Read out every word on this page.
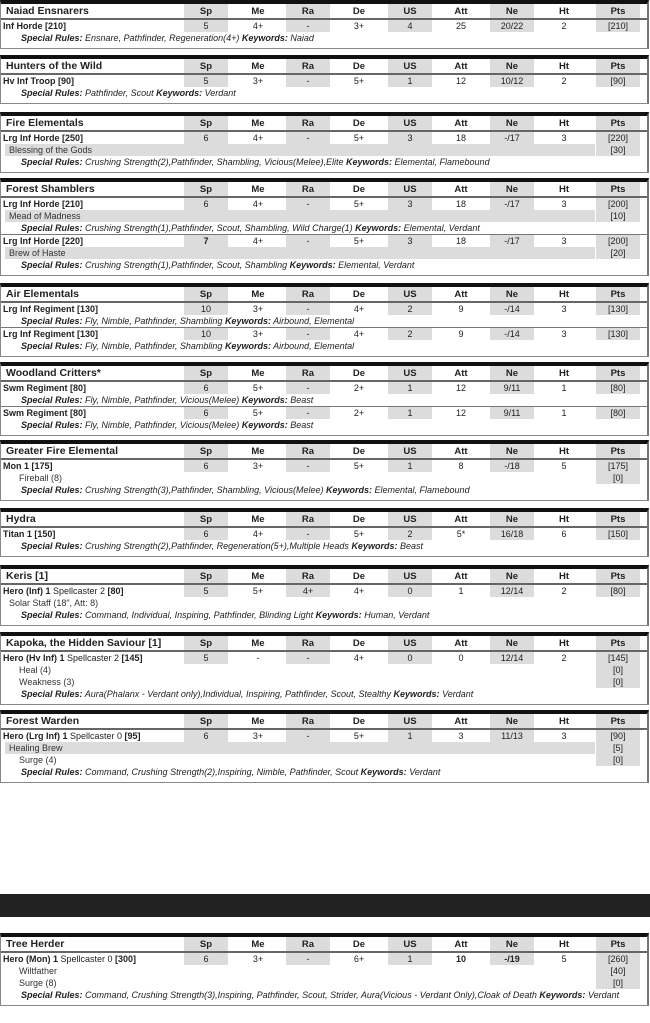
Naiad Ensnarers	Sp	Me	Ra	De	US	Att	Ne	Ht	Pts
Inf Horde [210]	5	4+	-	3+	4	25	20/22	2	[210]
Special Rules: Ensnare, Pathfinder, Regeneration(4+) Keywords: Naiad
Hunters of the Wild	Sp	Me	Ra	De	US	Att	Ne	Ht	Pts
Hv Inf Troop [90]	5	3+	-	5+	1	12	10/12	2	[90]
Special Rules: Pathfinder, Scout Keywords: Verdant
Fire Elementals	Sp	Me	Ra	De	US	Att	Ne	Ht	Pts
Lrg Inf Horde [250]	6	4+	-	5+	3	18	-/17	3	[220]
Blessing of the Gods	[30]
Special Rules: Crushing Strength(2),Pathfinder, Shambling, Vicious(Melee),Elite Keywords: Elemental, Flamebound
Forest Shamblers	Sp	Me	Ra	De	US	Att	Ne	Ht	Pts
Lrg Inf Horde [210]	6	4+	-	5+	3	18	-/17	3	[200]
Mead of Madness	[10]
Special Rules: Crushing Strength(1),Pathfinder, Scout, Shambling, Wild Charge(1) Keywords: Elemental, Verdant
Lrg Inf Horde [220]	7	4+	-	5+	3	18	-/17	3	[200]
Brew of Haste	[20]
Special Rules: Crushing Strength(1),Pathfinder, Scout, Shambling Keywords: Elemental, Verdant
Air Elementals	Sp	Me	Ra	De	US	Att	Ne	Ht	Pts
Lrg Inf Regiment [130]	10	3+	-	4+	2	9	-/14	3	[130]
Special Rules: Fly, Nimble, Pathfinder, Shambling Keywords: Airbound, Elemental
Lrg Inf Regiment [130]	10	3+	-	4+	2	9	-/14	3	[130]
Special Rules: Fly, Nimble, Pathfinder, Shambling Keywords: Airbound, Elemental
Woodland Critters*	Sp	Me	Ra	De	US	Att	Ne	Ht	Pts
Swm Regiment [80]	6	5+	-	2+	1	12	9/11	1	[80]
Special Rules: Fly, Nimble, Pathfinder, Vicious(Melee) Keywords: Beast
Swm Regiment [80]	6	5+	-	2+	1	12	9/11	1	[80]
Special Rules: Fly, Nimble, Pathfinder, Vicious(Melee) Keywords: Beast
Greater Fire Elemental	Sp	Me	Ra	De	US	Att	Ne	Ht	Pts
Mon 1 [175]	6	3+	-	5+	1	8	-/18	5	[175]
Fireball (8)	[0]
Special Rules: Crushing Strength(3),Pathfinder, Shambling, Vicious(Melee) Keywords: Elemental, Flamebound
Hydra	Sp	Me	Ra	De	US	Att	Ne	Ht	Pts
Titan 1 [150]	6	4+	-	5+	2	5*	16/18	6	[150]
Special Rules: Crushing Strength(2),Pathfinder, Regeneration(5+),Multiple Heads Keywords: Beast
Keris [1]	Sp	Me	Ra	De	US	Att	Ne	Ht	Pts
Hero (Inf) 1 Spellcaster 2 [80]	5	5+	4+	4+	0	1	12/14	2	[80]
Solar Staff (18", Att: 8)
Special Rules: Command, Individual, Inspiring, Pathfinder, Blinding Light Keywords: Human, Verdant
Kapoka, the Hidden Saviour [1]	Sp	Me	Ra	De	US	Att	Ne	Ht	Pts
Hero (Hv Inf) 1 Spellcaster 2 [145]	5	-	-	4+	0	0	12/14	2	[145]
Heal (4)	[0]
Weakness (3)	[0]
Special Rules: Aura(Phalanx - Verdant only),Individual, Inspiring, Pathfinder, Scout, Stealthy Keywords: Verdant
Forest Warden	Sp	Me	Ra	De	US	Att	Ne	Ht	Pts
Hero (Lrg Inf) 1 Spellcaster 0 [95]	6	3+	-	5+	1	3	11/13	3	[90]
Healing Brew	[5]
Surge (4)	[0]
Special Rules: Command, Crushing Strength(2),Inspiring, Nimble, Pathfinder, Scout Keywords: Verdant
Tree Herder	Sp	Me	Ra	De	US	Att	Ne	Ht	Pts
Hero (Mon) 1 Spellcaster 0 [300]	6	3+	-	6+	1	10	-/19	5	[260]
Wiltfather	[40]
Surge (8)	[0]
Special Rules: Command, Crushing Strength(3),Inspiring, Pathfinder, Scout, Strider, Aura(Vicious - Verdant Only),Cloak of Death Keywords: Verdant
